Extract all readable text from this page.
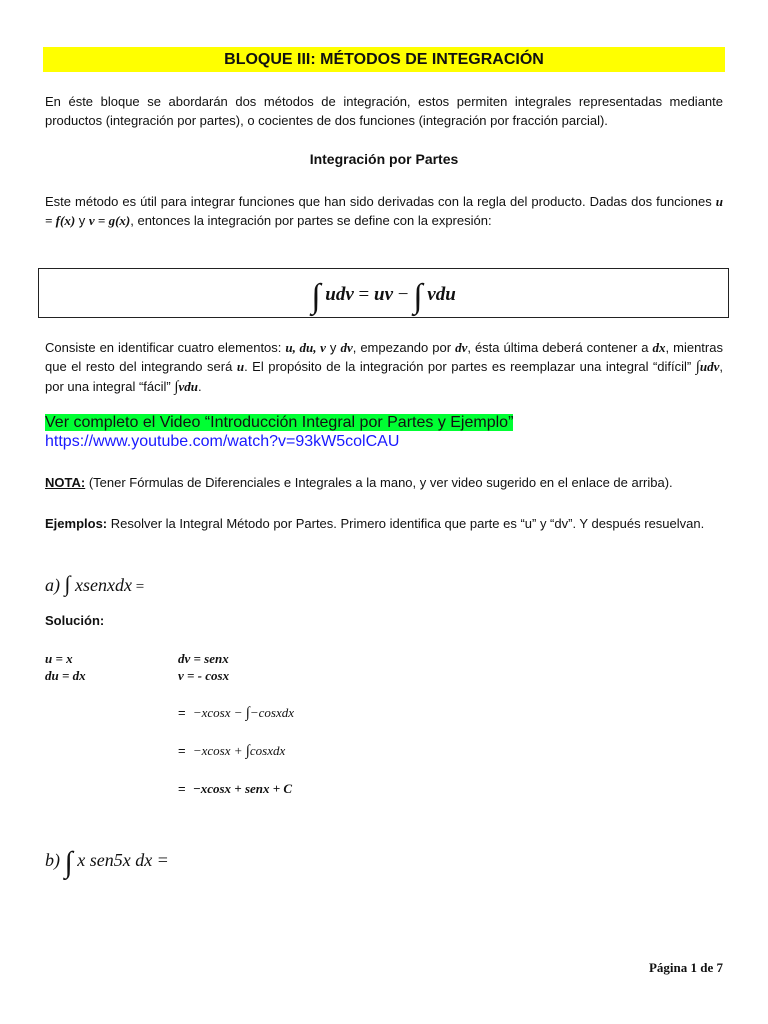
BLOQUE III: MÉTODOS DE INTEGRACIÓN
En éste bloque se abordarán dos métodos de integración, estos permiten integrales representadas mediante productos (integración por partes), o cocientes de dos funciones (integración por fracción parcial).
Integración por Partes
Este método es útil para integrar funciones que han sido derivadas con la regla del producto. Dadas dos funciones u = f(x) y v = g(x), entonces la integración por partes se define con la expresión:
∫ udv = uv − ∫ vdu
Consiste en identificar cuatro elementos: u, du, v y dv, empezando por dv, ésta última deberá contener a dx, mientras que el resto del integrando será u. El propósito de la integración por partes es reemplazar una integral “difícil” ∫udv, por una integral “fácil” ∫vdu.
Ver completo el Video “Introducción Integral por Partes y Ejemplo”
https://www.youtube.com/watch?v=93kW5colCAU
NOTA: (Tener Fórmulas de Diferenciales e Integrales a la mano, y ver video sugerido en el enlace de arriba).
Ejemplos: Resolver la Integral Método por Partes. Primero identifica que parte es “u” y “dv”. Y después resuelvan.
a) ∫ xsenxdx =
Solución:
u = x
du = dx
dv = senx
v = - cosx
= −xcosx − ∫−cosxdx
= −xcosx + ∫cosxdx
= −xcosx + senx + C
b) ∫ x sen5x dx =
Página 1 de 7
